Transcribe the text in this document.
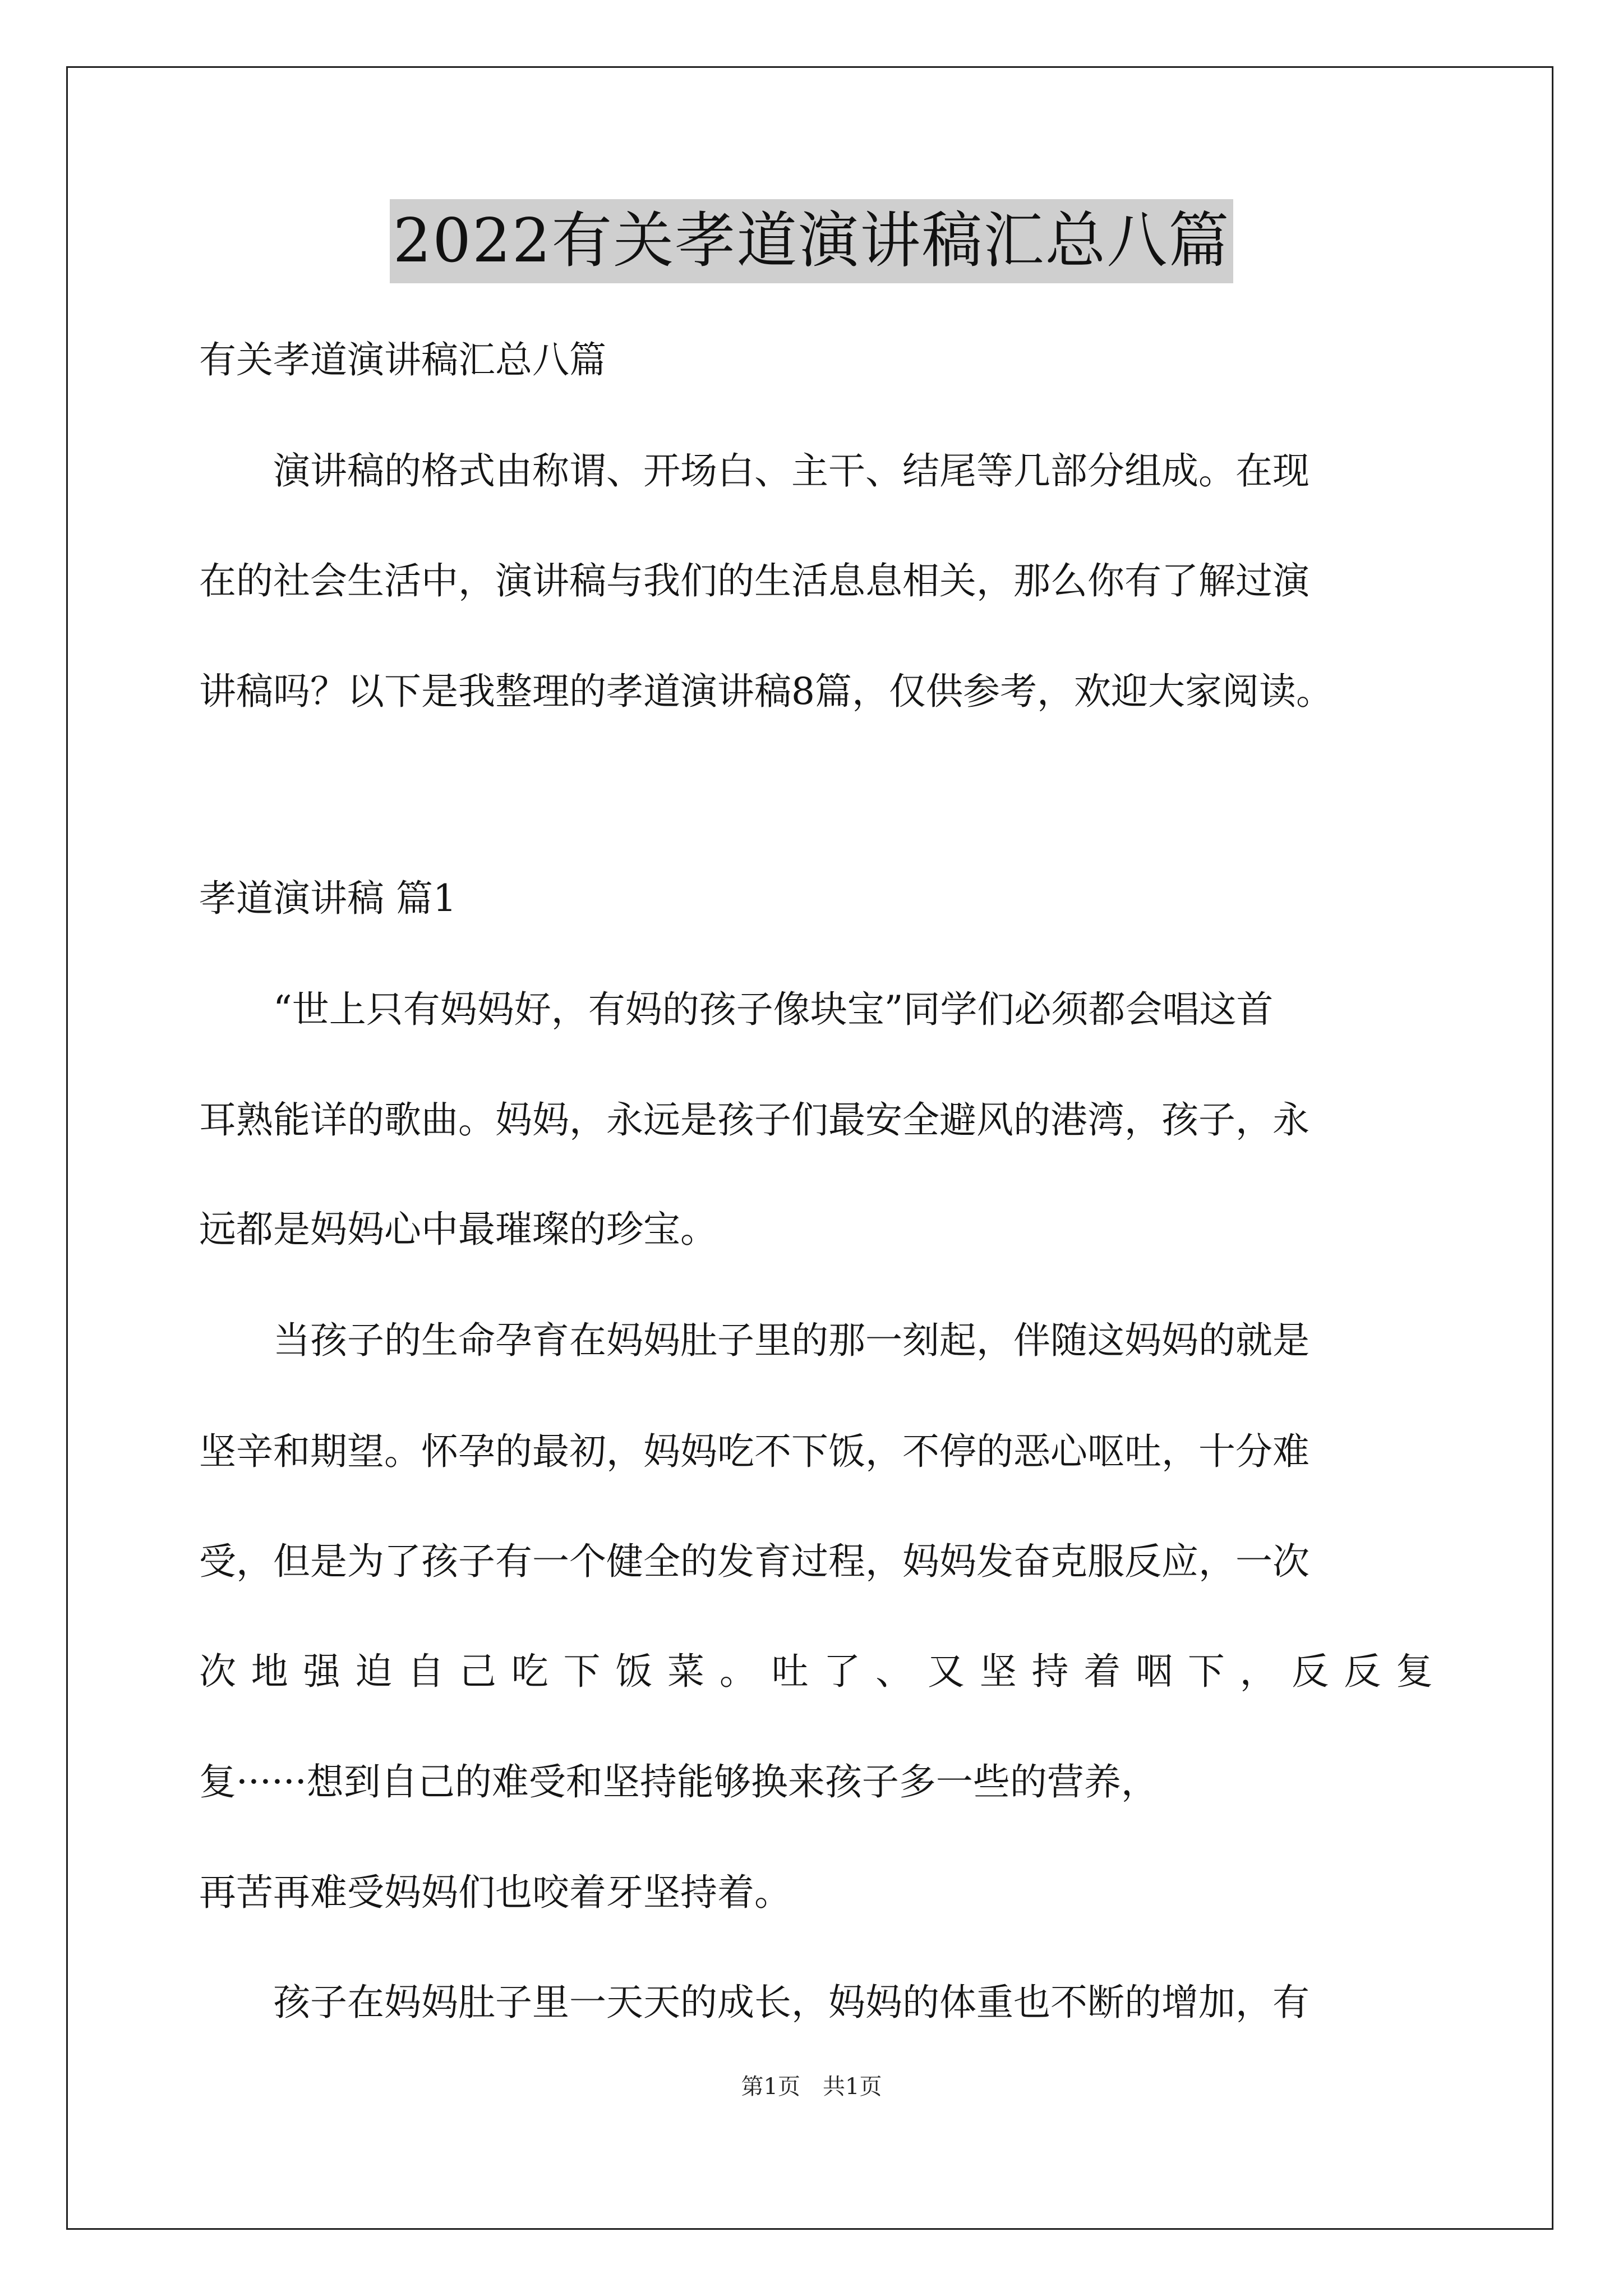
2022有关孝道演讲稿汇总八篇
有关孝道演讲稿汇总八篇
　　演讲稿的格式由称谓、开场白、主干、结尾等几部分组成。在现
在的社会生活中，演讲稿与我们的生活息息相关，那么你有了解过演
讲稿吗？以下是我整理的孝道演讲稿8篇，仅供参考，欢迎大家阅读。
孝道演讲稿 篇1
　　“世上只有妈妈好，有妈的孩子像块宝”同学们必须都会唱这首
耳熟能详的歌曲。妈妈，永远是孩子们最安全避风的港湾，孩子，永
远都是妈妈心中最璀璨的珍宝。
　　当孩子的生命孕育在妈妈肚子里的那一刻起，伴随这妈妈的就是
坚辛和期望。怀孕的最初，妈妈吃不下饭，不停的恶心呕吐，十分难
受，但是为了孩子有一个健全的发育过程，妈妈发奋克服反应，一次
次 地 强 迫 自 己 吃 下 饭 菜 。 吐 了 、 又 坚 持 着 咽 下 ， 反 反 复
复······想到自己的难受和坚持能够换来孩子多一些的营养，
再苦再难受妈妈们也咬着牙坚持着。
　　孩子在妈妈肚子里一天天的成长，妈妈的体重也不断的增加，有
第1页　共1页
